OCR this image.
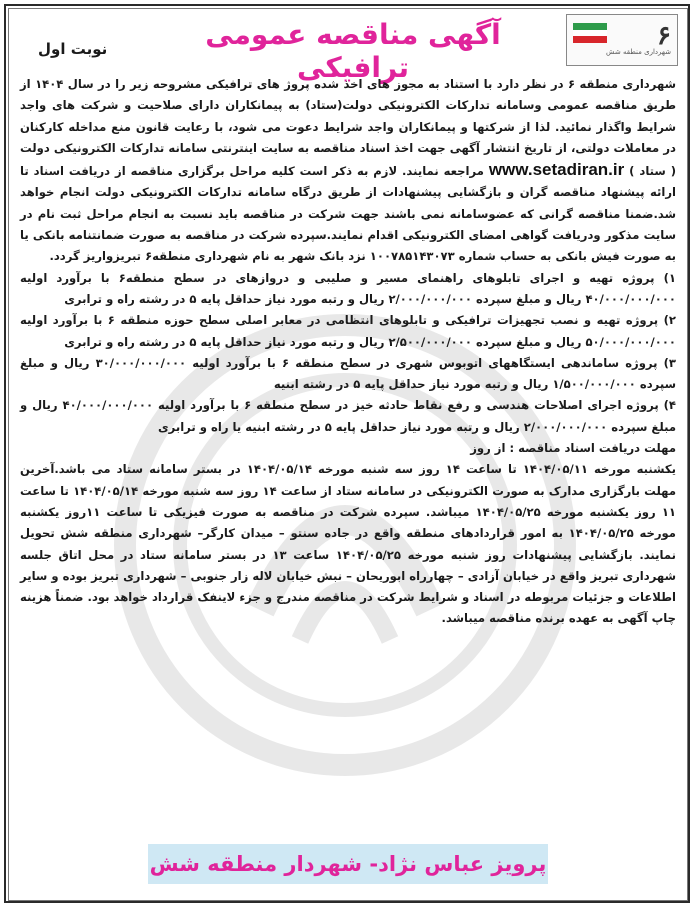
۶
شهرداری منطقه شش
آگهی مناقصه عمومی ترافیکی
نوبت اول

شهرداری منطقه ۶ در نظر دارد با استناد به مجوز های اخذ شده پروژ های ترافیکی مشروحه زیر را در سال ۱۴۰۴ از طریق مناقصه عمومی وسامانه تدارکات الکترونیکی دولت(ستاد) به پیمانکاران دارای صلاحیت و شرکت های واجد شرایط واگذار نمائید. لذا از شرکتها و پیمانکاران واجد شرایط دعوت می شود، با رعایت قانون منع مداخله کارکنان در معاملات دولتی، از تاریخ انتشار آگهی جهت اخذ اسناد مناقصه به سایت اینترنتی سامانه تدارکات الکترونیکی دولت ( ستاد ) www.setadiran.ir مراجعه نمایند. لازم به ذکر است کلیه مراحل برگزاری مناقصه از دریافت اسناد تا ارائه پیشنهاد مناقصه گران و بازگشایی پیشنهادات از طریق درگاه سامانه تدارکات الکترونیکی دولت انجام خواهد شد.ضمنا مناقصه گرانی که عضوسامانه نمی باشند جهت شرکت در مناقصه باید نسبت به انجام مراحل ثبت نام در سایت مذکور ودریافت گواهی امضای الکترونیکی اقدام نمایند.سپرده شرکت در مناقصه به صورت ضمانتنامه بانکی یا به صورت فیش بانکی به حساب شماره ۱۰۰۷۸۵۱۴۳۰۷۳ نزد بانک شهر به نام شهرداری منطقه۶ تبریزواریز گردد.

۱) پروژه تهیه و اجرای تابلوهای راهنمای مسیر و صلیبی و دروازهای در سطح منطقه۶ با برآورد اولیه ۴۰/۰۰۰/۰۰۰/۰۰۰ ریال و مبلغ سپرده ۲/۰۰۰/۰۰۰/۰۰۰ ریال و رتبه مورد نیاز حداقل پایه ۵ در رشته راه و ترابری

۲) پروژه تهیه و نصب تجهیزات ترافیکی و تابلوهای انتظامی در معابر اصلی سطح حوزه منطقه ۶ با برآورد اولیه ۵۰/۰۰۰/۰۰۰/۰۰۰ ریال و مبلغ سپرده ۲/۵۰۰/۰۰۰/۰۰۰ ریال و رتبه مورد نیاز حداقل پایه ۵ در رشته راه و ترابری

۳) پروژه ساماندهی ایستگاههای اتوبوس شهری در سطح منطقه ۶ با برآورد اولیه ۳۰/۰۰۰/۰۰۰/۰۰۰ ریال و مبلغ سپرده ۱/۵۰۰/۰۰۰/۰۰۰ ریال و رتبه مورد نیاز حداقل پایه ۵ در رشته ابنیه

۴) پروژه اجرای اصلاحات هندسی و رفع نقاط حادثه خیز در سطح منطقه ۶ با برآورد اولیه ۴۰/۰۰۰/۰۰۰/۰۰۰ ریال و مبلغ سپرده ۲/۰۰۰/۰۰۰/۰۰۰ ریال و رتبه مورد نیاز حداقل پایه ۵ در رشته ابنیه یا راه و ترابری

مهلت دریافت اسناد مناقصه : از روز

یکشنبه مورخه ۱۴۰۴/۰۵/۱۱ تا ساعت ۱۴ روز سه شنبه مورخه ۱۴۰۴/۰۵/۱۴ در بستر سامانه ستاد می باشد.آخرین مهلت بارگزاری مدارک به صورت الکترونیکی در سامانه ستاد از ساعت ۱۴ روز سه شنبه مورخه ۱۴۰۴/۰۵/۱۴ تا ساعت ۱۱ روز یکشنبه مورخه ۱۴۰۴/۰۵/۲۵ میباشد. سپرده شرکت در مناقصه به صورت فیزیکی تا ساعت ۱۱روز یکشنبه مورخه ۱۴۰۴/۰۵/۲۵ به امور قراردادهای منطقه واقع در جاده سنتو – میدان کارگر– شهرداری منطقه شش تحویل نمایند. بازگشایی پیشنهادات روز شنبه مورخه ۱۴۰۴/۰۵/۲۵ ساعت ۱۳ در بستر سامانه ستاد در محل اتاق جلسه شهرداری تبریز واقع در خیابان آزادی – چهارراه ابوریحان – نبش خیابان لاله زار جنوبی – شهرداری تبریز بوده و سایر اطلاعات و جزئیات مربوطه در اسناد و شرایط شرکت در مناقصه مندرج و جزء لاینفک قرارداد خواهد بود. ضمناً هزینه چاپ آگهی به عهده برنده مناقصه میباشد.

پرویز عباس نژاد- شهردار منطقه شش
